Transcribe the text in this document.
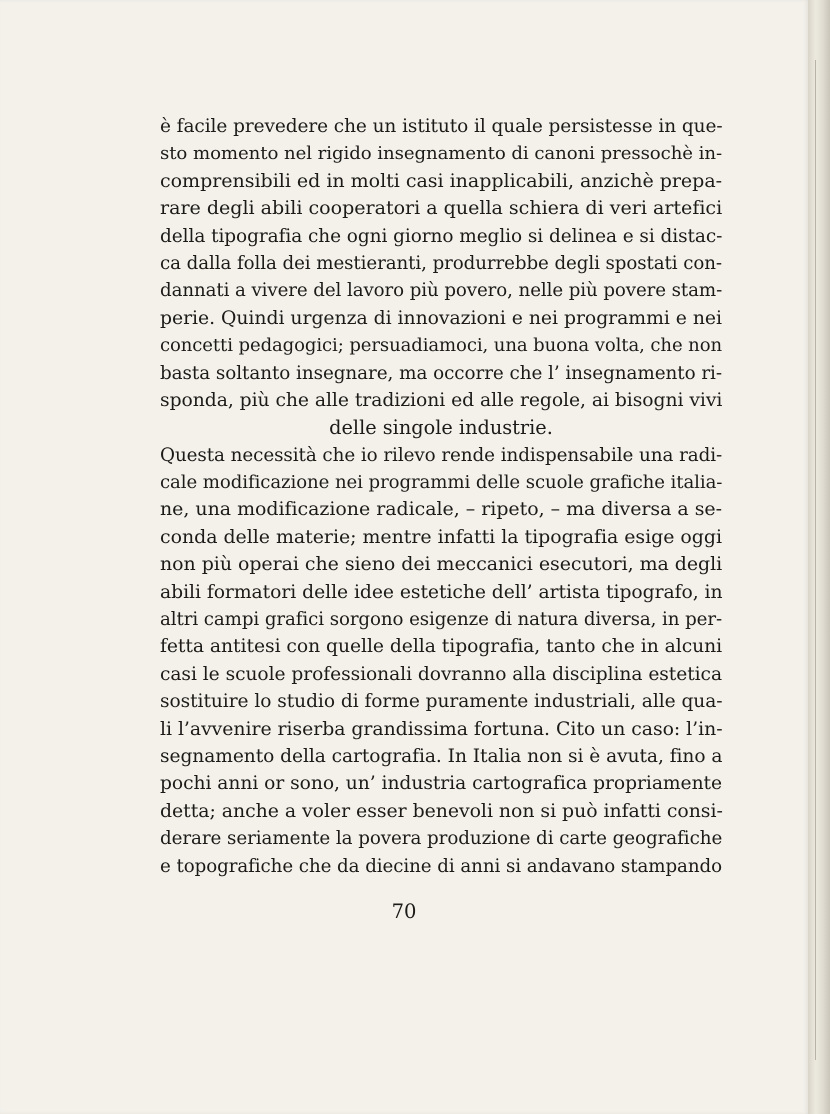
è facile prevedere che un istituto il quale persistesse in que-
sto momento nel rigido insegnamento di canoni pressochè in-
comprensibili ed in molti casi inapplicabili, anzichè prepa-
rare degli abili cooperatori a quella schiera di veri artefici
della tipografia che ogni giorno meglio si delinea e si distac-
ca dalla folla dei mestieranti, produrrebbe degli spostati con-
dannati a vivere del lavoro più povero, nelle più povere stam-
perie. Quindi urgenza di innovazioni e nei programmi e nei
concetti pedagogici; persuadiamoci, una buona volta, che non
basta soltanto insegnare, ma occorre che l’ insegnamento ri-
sponda, più che alle tradizioni ed alle regole, ai bisogni vivi
delle singole industrie.
Questa necessità che io rilevo rende indispensabile una radi-
cale modificazione nei programmi delle scuole grafiche italia-
ne, una modificazione radicale, – ripeto, – ma diversa a se-
conda delle materie; mentre infatti la tipografia esige oggi
non più operai che sieno dei meccanici esecutori, ma degli
abili formatori delle idee estetiche dell’ artista tipografo, in
altri campi grafici sorgono esigenze di natura diversa, in per-
fetta antitesi con quelle della tipografia, tanto che in alcuni
casi le scuole professionali dovranno alla disciplina estetica
sostituire lo studio di forme puramente industriali, alle qua-
li l’avvenire riserba grandissima fortuna. Cito un caso: l’in-
segnamento della cartografia. In Italia non si è avuta, fino a
pochi anni or sono, un’ industria cartografica propriamente
detta; anche a voler esser benevoli non si può infatti consi-
derare seriamente la povera produzione di carte geografiche
e topografiche che da diecine di anni si andavano stampando
70
